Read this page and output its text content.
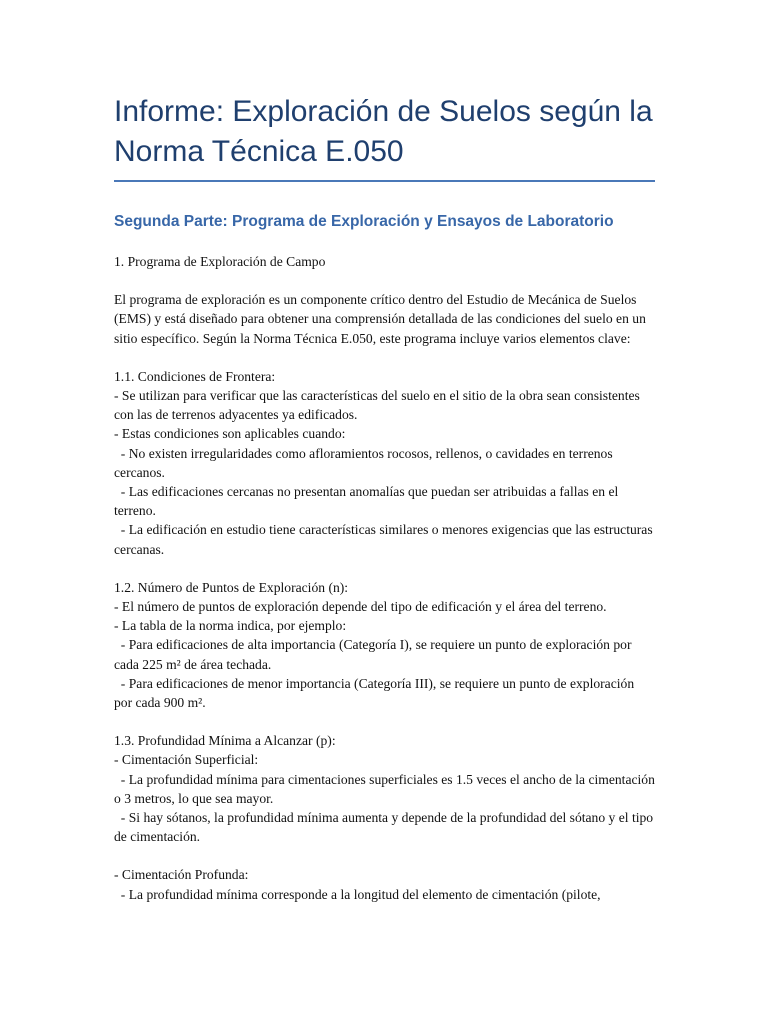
Informe: Exploración de Suelos según la
Norma Técnica E.050
Segunda Parte: Programa de Exploración y Ensayos de Laboratorio
1. Programa de Exploración de Campo
El programa de exploración es un componente crítico dentro del Estudio de Mecánica de Suelos (EMS) y está diseñado para obtener una comprensión detallada de las condiciones del suelo en un sitio específico. Según la Norma Técnica E.050, este programa incluye varios elementos clave:
1.1. Condiciones de Frontera:
- Se utilizan para verificar que las características del suelo en el sitio de la obra sean consistentes con las de terrenos adyacentes ya edificados.
- Estas condiciones son aplicables cuando:
- No existen irregularidades como afloramientos rocosos, rellenos, o cavidades en terrenos cercanos.
- Las edificaciones cercanas no presentan anomalías que puedan ser atribuidas a fallas en el terreno.
- La edificación en estudio tiene características similares o menores exigencias que las estructuras cercanas.
1.2. Número de Puntos de Exploración (n):
- El número de puntos de exploración depende del tipo de edificación y el área del terreno.
- La tabla de la norma indica, por ejemplo:
- Para edificaciones de alta importancia (Categoría I), se requiere un punto de exploración por cada 225 m² de área techada.
- Para edificaciones de menor importancia (Categoría III), se requiere un punto de exploración por cada 900 m².
1.3. Profundidad Mínima a Alcanzar (p):
- Cimentación Superficial:
- La profundidad mínima para cimentaciones superficiales es 1.5 veces el ancho de la cimentación o 3 metros, lo que sea mayor.
- Si hay sótanos, la profundidad mínima aumenta y depende de la profundidad del sótano y el tipo de cimentación.
- Cimentación Profunda:
- La profundidad mínima corresponde a la longitud del elemento de cimentación (pilote,
